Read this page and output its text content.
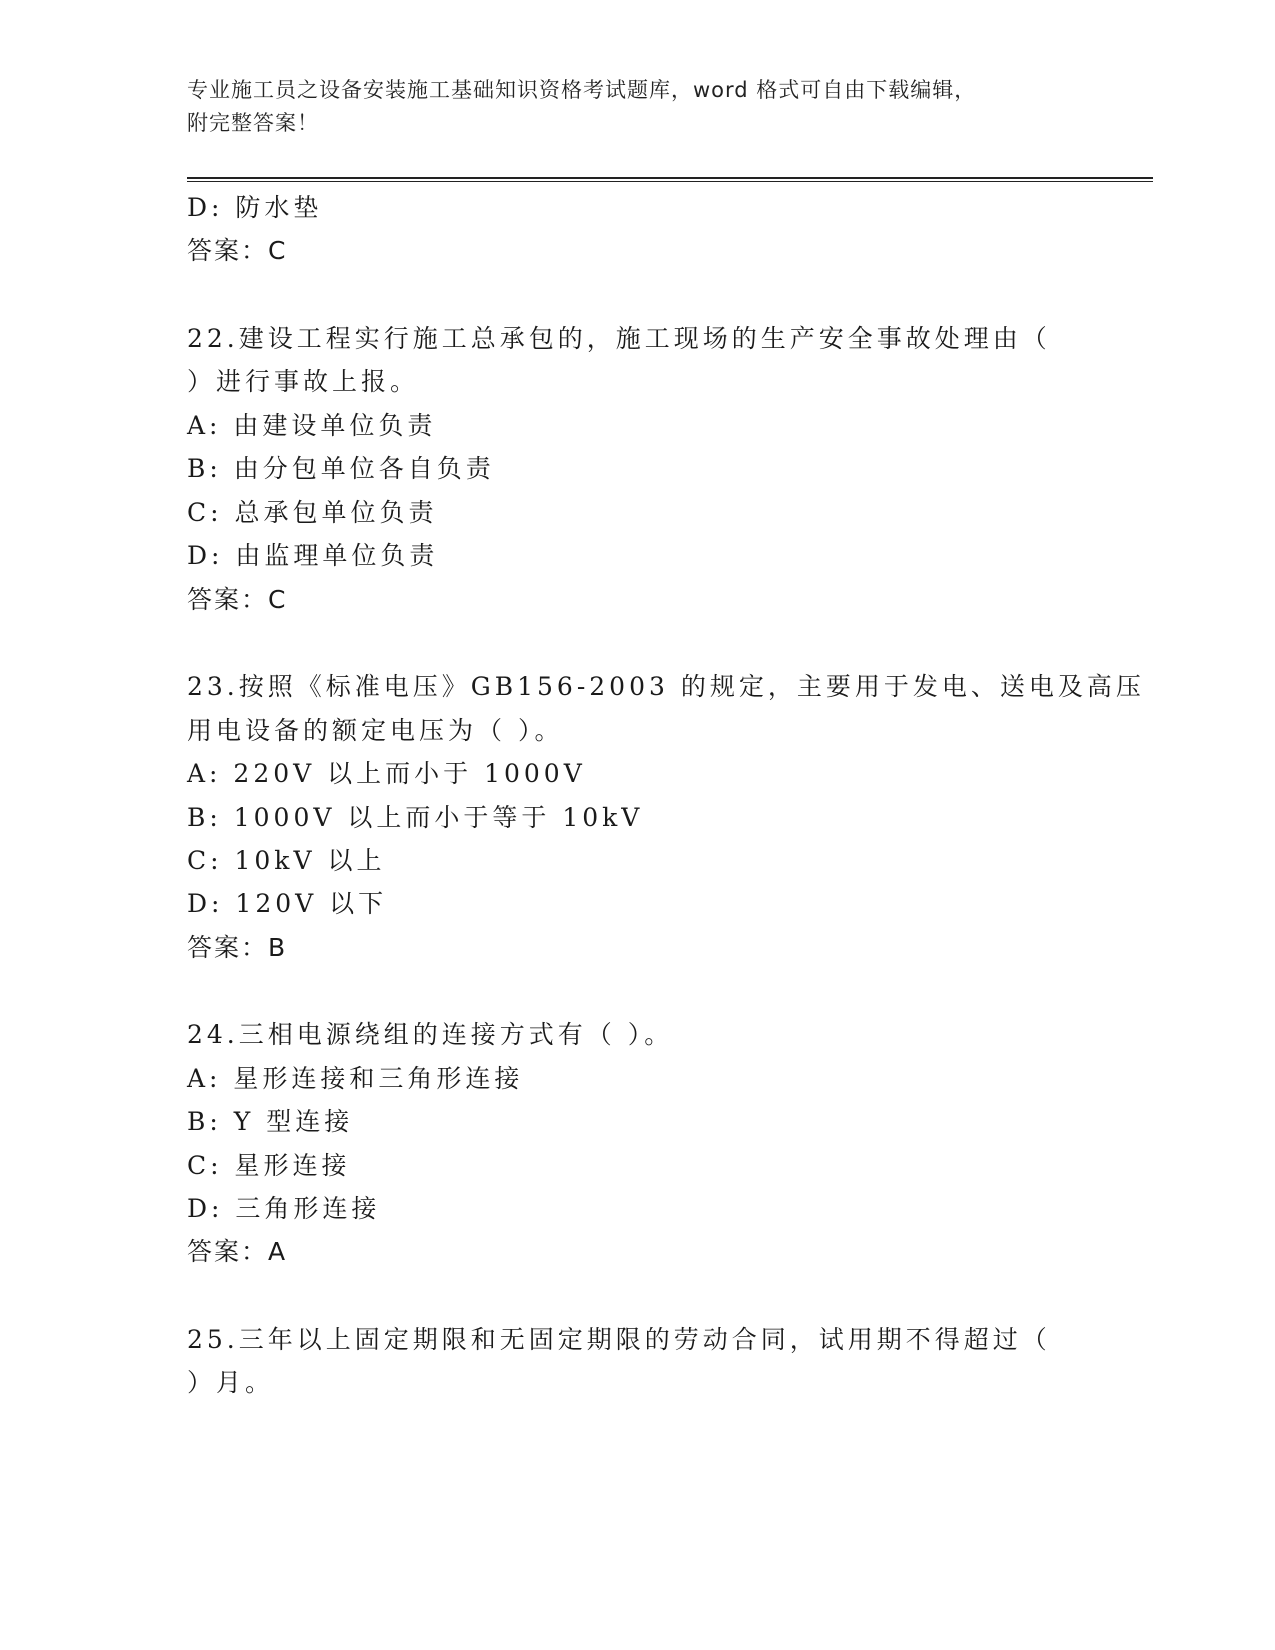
专业施工员之设备安装施工基础知识资格考试题库，word 格式可自由下载编辑，
附完整答案！
D: 防水垫
答案：C
22.建设工程实行施工总承包的，施工现场的生产安全事故处理由（
）进行事故上报。
A: 由建设单位负责
B: 由分包单位各自负责
C: 总承包单位负责
D: 由监理单位负责
答案：C
23.按照《标准电压》GB156-2003 的规定，主要用于发电、送电及高压
用电设备的额定电压为（ ）。
A: 220V 以上而小于 1000V
B: 1000V 以上而小于等于 10kV
C: 10kV 以上
D: 120V 以下
答案：B
24.三相电源绕组的连接方式有（ ）。
A: 星形连接和三角形连接
B: Y 型连接
C: 星形连接
D: 三角形连接
答案：A
25.三年以上固定期限和无固定期限的劳动合同，试用期不得超过（
）月。
